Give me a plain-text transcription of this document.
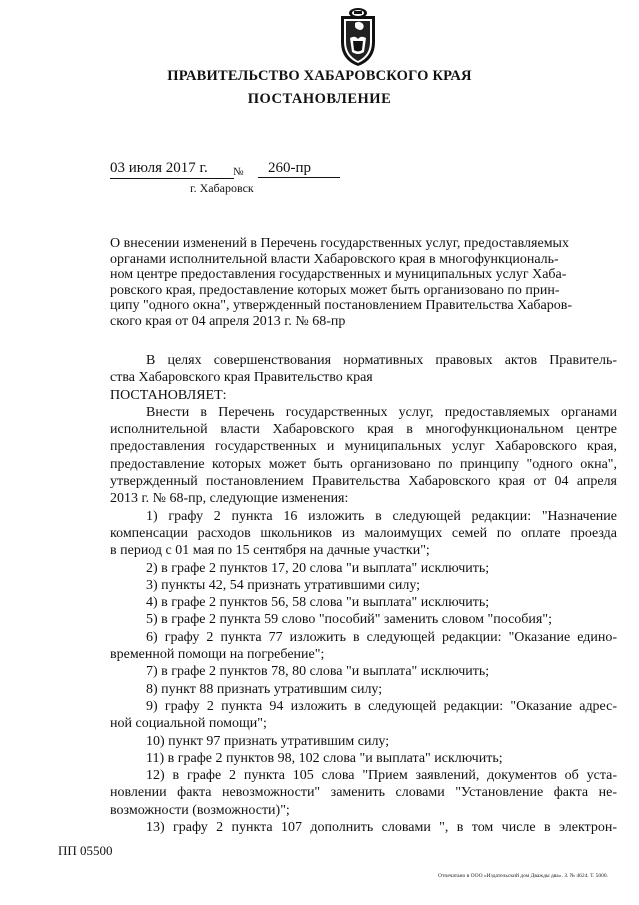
ПРАВИТЕЛЬСТВО ХАБАРОВСКОГО КРАЯ
ПОСТАНОВЛЕНИЕ
03 июля 2017 г.	№	260-пр
г. Хабаровск
О внесении изменений в Перечень государственных услуг, предоставляемых
органами исполнительной власти Хабаровского края в многофункциональ-
ном центре предоставления государственных и муниципальных услуг Хаба-
ровского края, предоставление которых может быть организовано по прин-
ципу "одного окна", утвержденный постановлением Правительства Хабаров-
ского края от 04 апреля 2013 г. № 68-пр
В целях совершенствования нормативных правовых актов Правитель-
ства Хабаровского края Правительство края
ПОСТАНОВЛЯЕТ:
Внести в Перечень государственных услуг, предоставляемых органами
исполнительной власти Хабаровского края в многофункциональном центре
предоставления государственных и муниципальных услуг Хабаровского края,
предоставление которых может быть организовано по принципу "одного окна",
утвержденный постановлением Правительства Хабаровского края от 04 апреля
2013 г. № 68-пр, следующие изменения:
1) графу 2 пункта 16 изложить в следующей редакции: "Назначение
компенсации расходов школьников из малоимущих семей по оплате проезда
в период с 01 мая по 15 сентября на дачные участки";
2) в графе 2 пунктов 17, 20 слова "и выплата" исключить;
3) пункты 42, 54 признать утратившими силу;
4) в графе 2 пунктов 56, 58 слова "и выплата" исключить;
5) в графе 2 пункта 59 слово "пособий" заменить словом "пособия";
6) графу 2 пункта 77 изложить в следующей редакции: "Оказание едино-
временной помощи на погребение";
7) в графе 2 пунктов 78, 80 слова "и выплата" исключить;
8) пункт 88 признать утратившим силу;
9) графу 2 пункта 94 изложить в следующей редакции: "Оказание адрес-
ной социальной помощи";
10) пункт 97 признать утратившим силу;
11) в графе 2 пунктов 98, 102 слова "и выплата" исключить;
12) в графе 2 пункта 105 слова "Прием заявлений, документов об уста-
новлении факта невозможности" заменить словами "Установление факта не-
возможности (возможности)";
13) графу 2 пункта 107 дополнить словами ", в том числе в электрон-
ПП 05500
Отпечатано в ООО «Издательский дом Дважды два». З. № 4624. Т. 5000.
